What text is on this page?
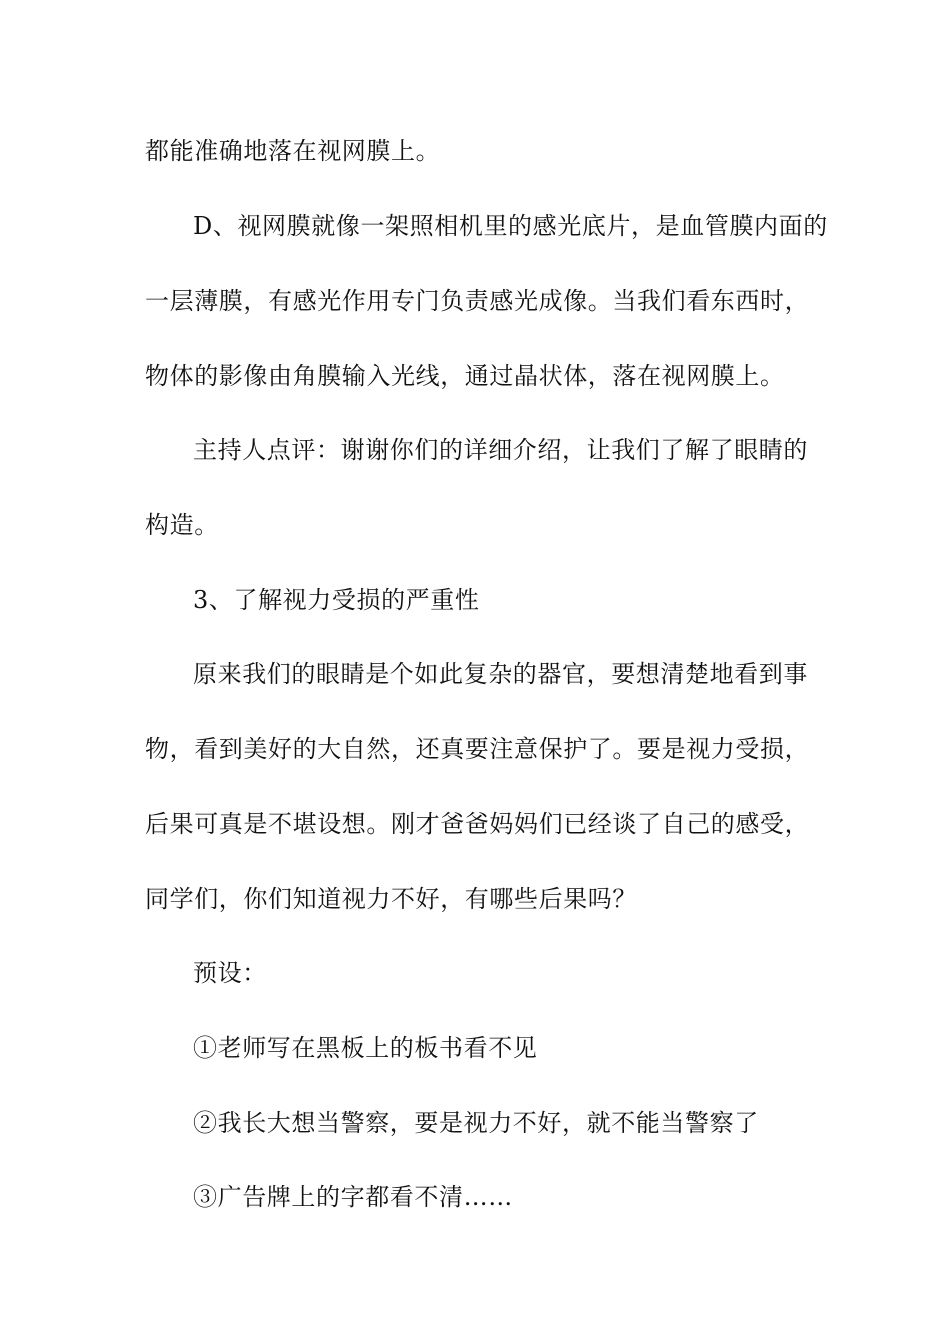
都能准确地落在视网膜上。
D、视网膜就像一架照相机里的感光底片，是血管膜内面的
一层薄膜，有感光作用专门负责感光成像。当我们看东西时，
物体的影像由角膜输入光线，通过晶状体，落在视网膜上。
主持人点评：谢谢你们的详细介绍，让我们了解了眼睛的
构造。
3、了解视力受损的严重性
原来我们的眼睛是个如此复杂的器官，要想清楚地看到事
物，看到美好的大自然，还真要注意保护了。要是视力受损，
后果可真是不堪设想。刚才爸爸妈妈们已经谈了自己的感受，
同学们，你们知道视力不好，有哪些后果吗？
预设：
①老师写在黑板上的板书看不见
②我长大想当警察，要是视力不好，就不能当警察了
③广告牌上的字都看不清……
